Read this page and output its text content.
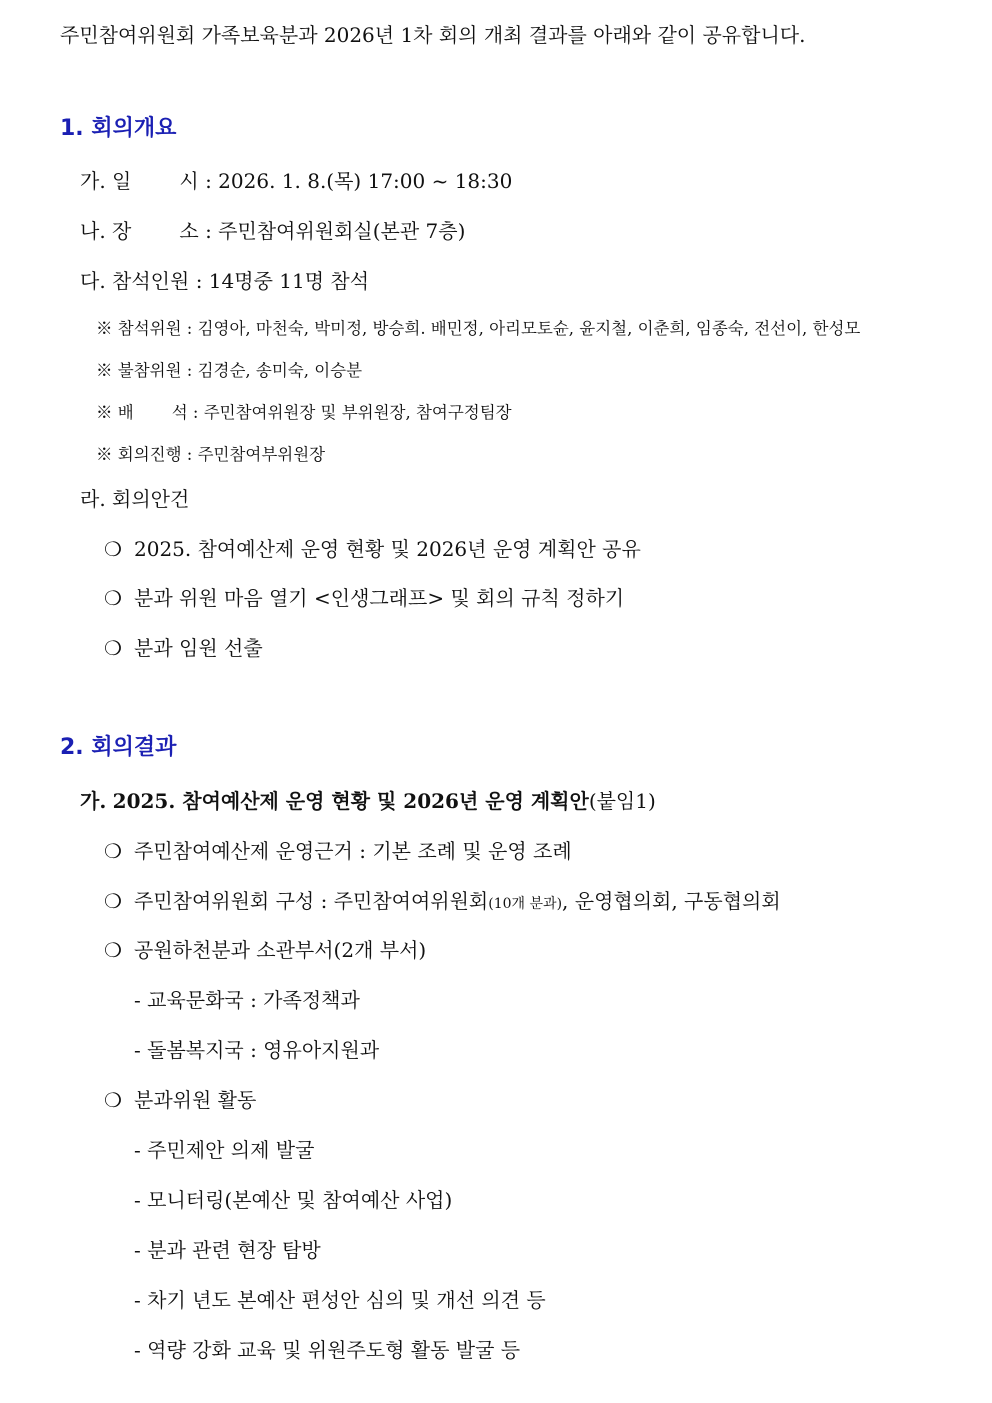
주민참여위원회 가족보육분과 2026년 1차 회의 개최 결과를 아래와 같이 공유합니다.
1. 회의개요
가. 일 시 : 2026. 1. 8.(목) 17:00 ~ 18:30
나. 장 소 : 주민참여위원회실(본관 7층)
다. 참석인원 : 14명중 11명 참석
※ 참석위원 : 김영아, 마천숙, 박미정, 방승희. 배민정, 아리모토슌, 윤지철, 이춘희, 임종숙, 전선이, 한성모
※ 불참위원 : 김경순, 송미숙, 이승분
※ 배 석 : 주민참여위원장 및 부위원장, 참여구정팀장
※ 회의진행 : 주민참여부위원장
라. 회의안건
❍ 2025. 참여예산제 운영 현황 및 2026년 운영 계획안 공유
❍ 분과 위원 마음 열기 <인생그래프> 및 회의 규칙 정하기
❍ 분과 임원 선출
2. 회의결과
가. 2025. 참여예산제 운영 현황 및 2026년 운영 계획안(붙임1)
❍ 주민참여예산제 운영근거 : 기본 조례 및 운영 조례
❍ 주민참여위원회 구성 : 주민참여여위원회(10개 분과), 운영협의회, 구동협의회
❍ 공원하천분과 소관부서(2개 부서)
- 교육문화국 : 가족정책과
- 돌봄복지국 : 영유아지원과
❍ 분과위원 활동
- 주민제안 의제 발굴
- 모니터링(본예산 및 참여예산 사업)
- 분과 관련 현장 탐방
- 차기 년도 본예산 편성안 심의 및 개선 의견 등
- 역량 강화 교육 및 위원주도형 활동 발굴 등
